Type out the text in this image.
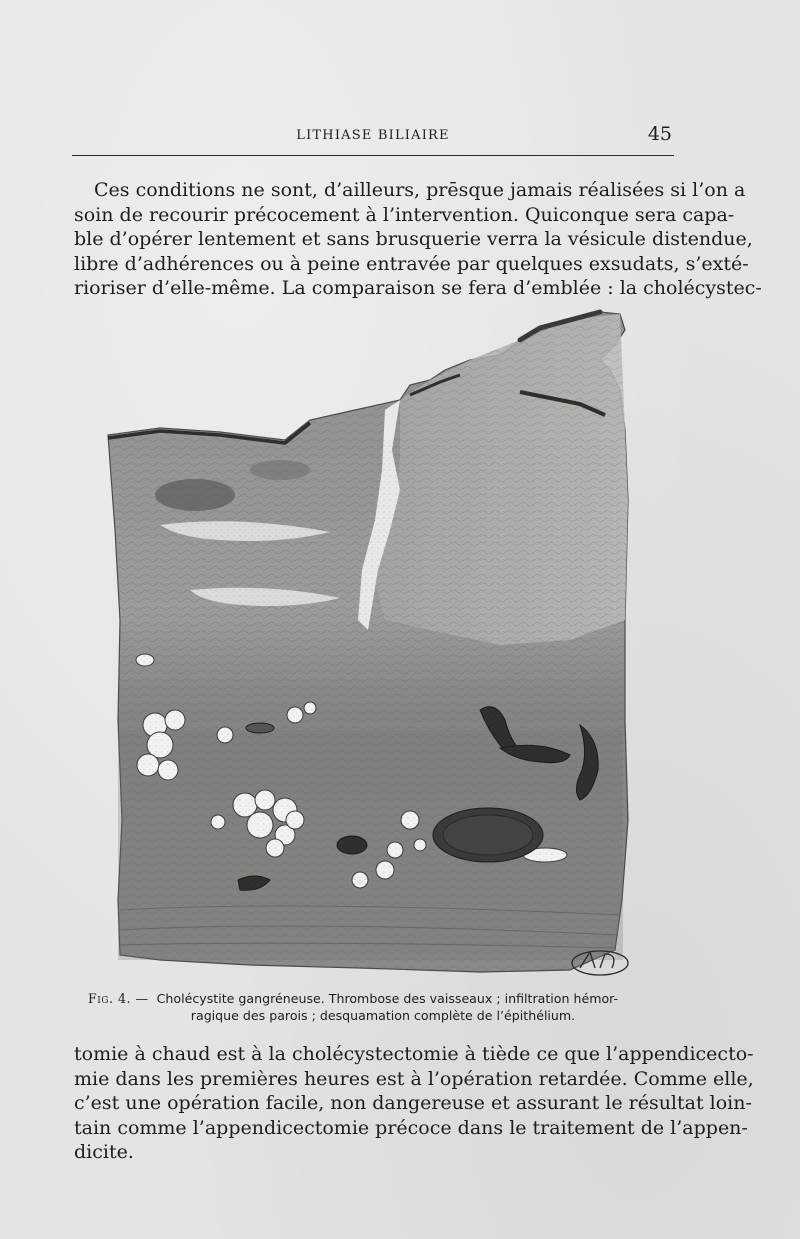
LITHIASE BILIAIRE	45
Ces conditions ne sont, d’ailleurs, prēsque jamais réalisées si l’on a
soin de recourir précocement à l’intervention. Quiconque sera capa-
ble d’opérer lentement et sans brusquerie verra la vésicule distendue,
libre d’adhérences ou à peine entravée par quelques exsudats, s’exté-
rioriser d’elle-même. La comparaison se fera d’emblée : la cholécystec-
Fig. 4. — Cholécystite gangréneuse. Thrombose des vaisseaux ; infiltration hémor-
ragique des parois ; desquamation complète de l’épithélium.
tomie à chaud est à la cholécystectomie à tiède ce que l’appendicecto-
mie dans les premières heures est à l’opération retardée. Comme elle,
c’est une opération facile, non dangereuse et assurant le résultat loin-
tain comme l’appendicectomie précoce dans le traitement de l’appen-
dicite.
